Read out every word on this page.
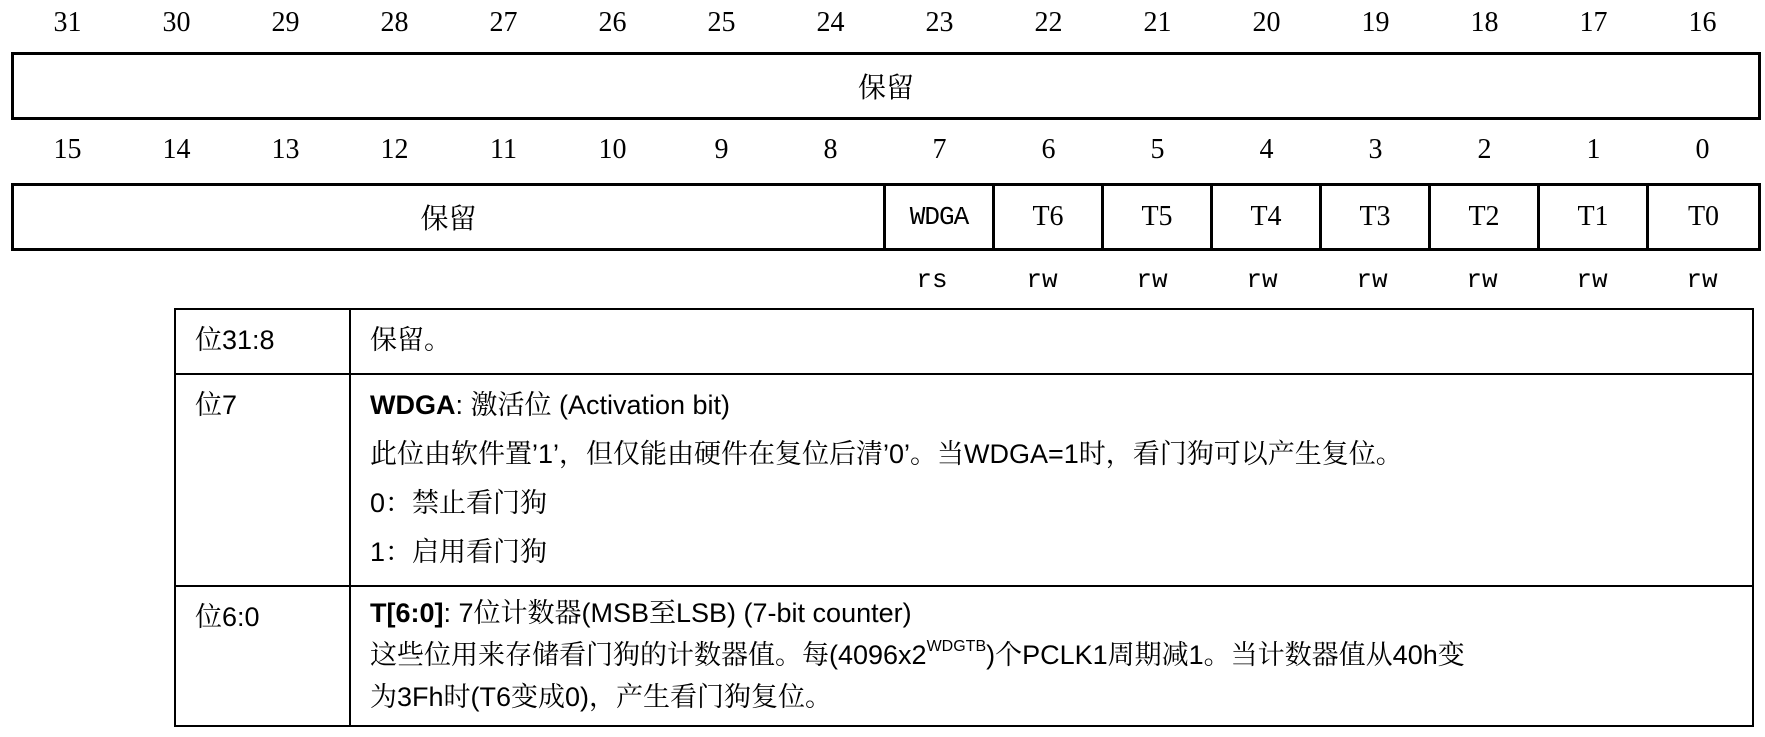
31	30	29	28	27	26	25	24	23	22	21	20	19	18	17	16
保留
15	14	13	12	11	10	9	8	7	6	5	4	3	2	1	0
保留	WDGA	T6	T5	T4	T3	T2	T1	T0
rs	rw	rw	rw	rw	rw	rw	rw
位31:8	保留。
位7	WDGA: 激活位 (Activation bit)
此位由软件置’1’，但仅能由硬件在复位后清’0’。当WDGA=1时，看门狗可以产生复位。
0：禁止看门狗
1：启用看门狗

位6:0	T[6:0]: 7位计数器(MSB至LSB) (7-bit counter)
这些位用来存储看门狗的计数器值。每$(4096x2^{WDGTB})$个PCLK1周期减1。当计数器值从40h变
为3Fh时(T6变成0)，产生看门狗复位。
